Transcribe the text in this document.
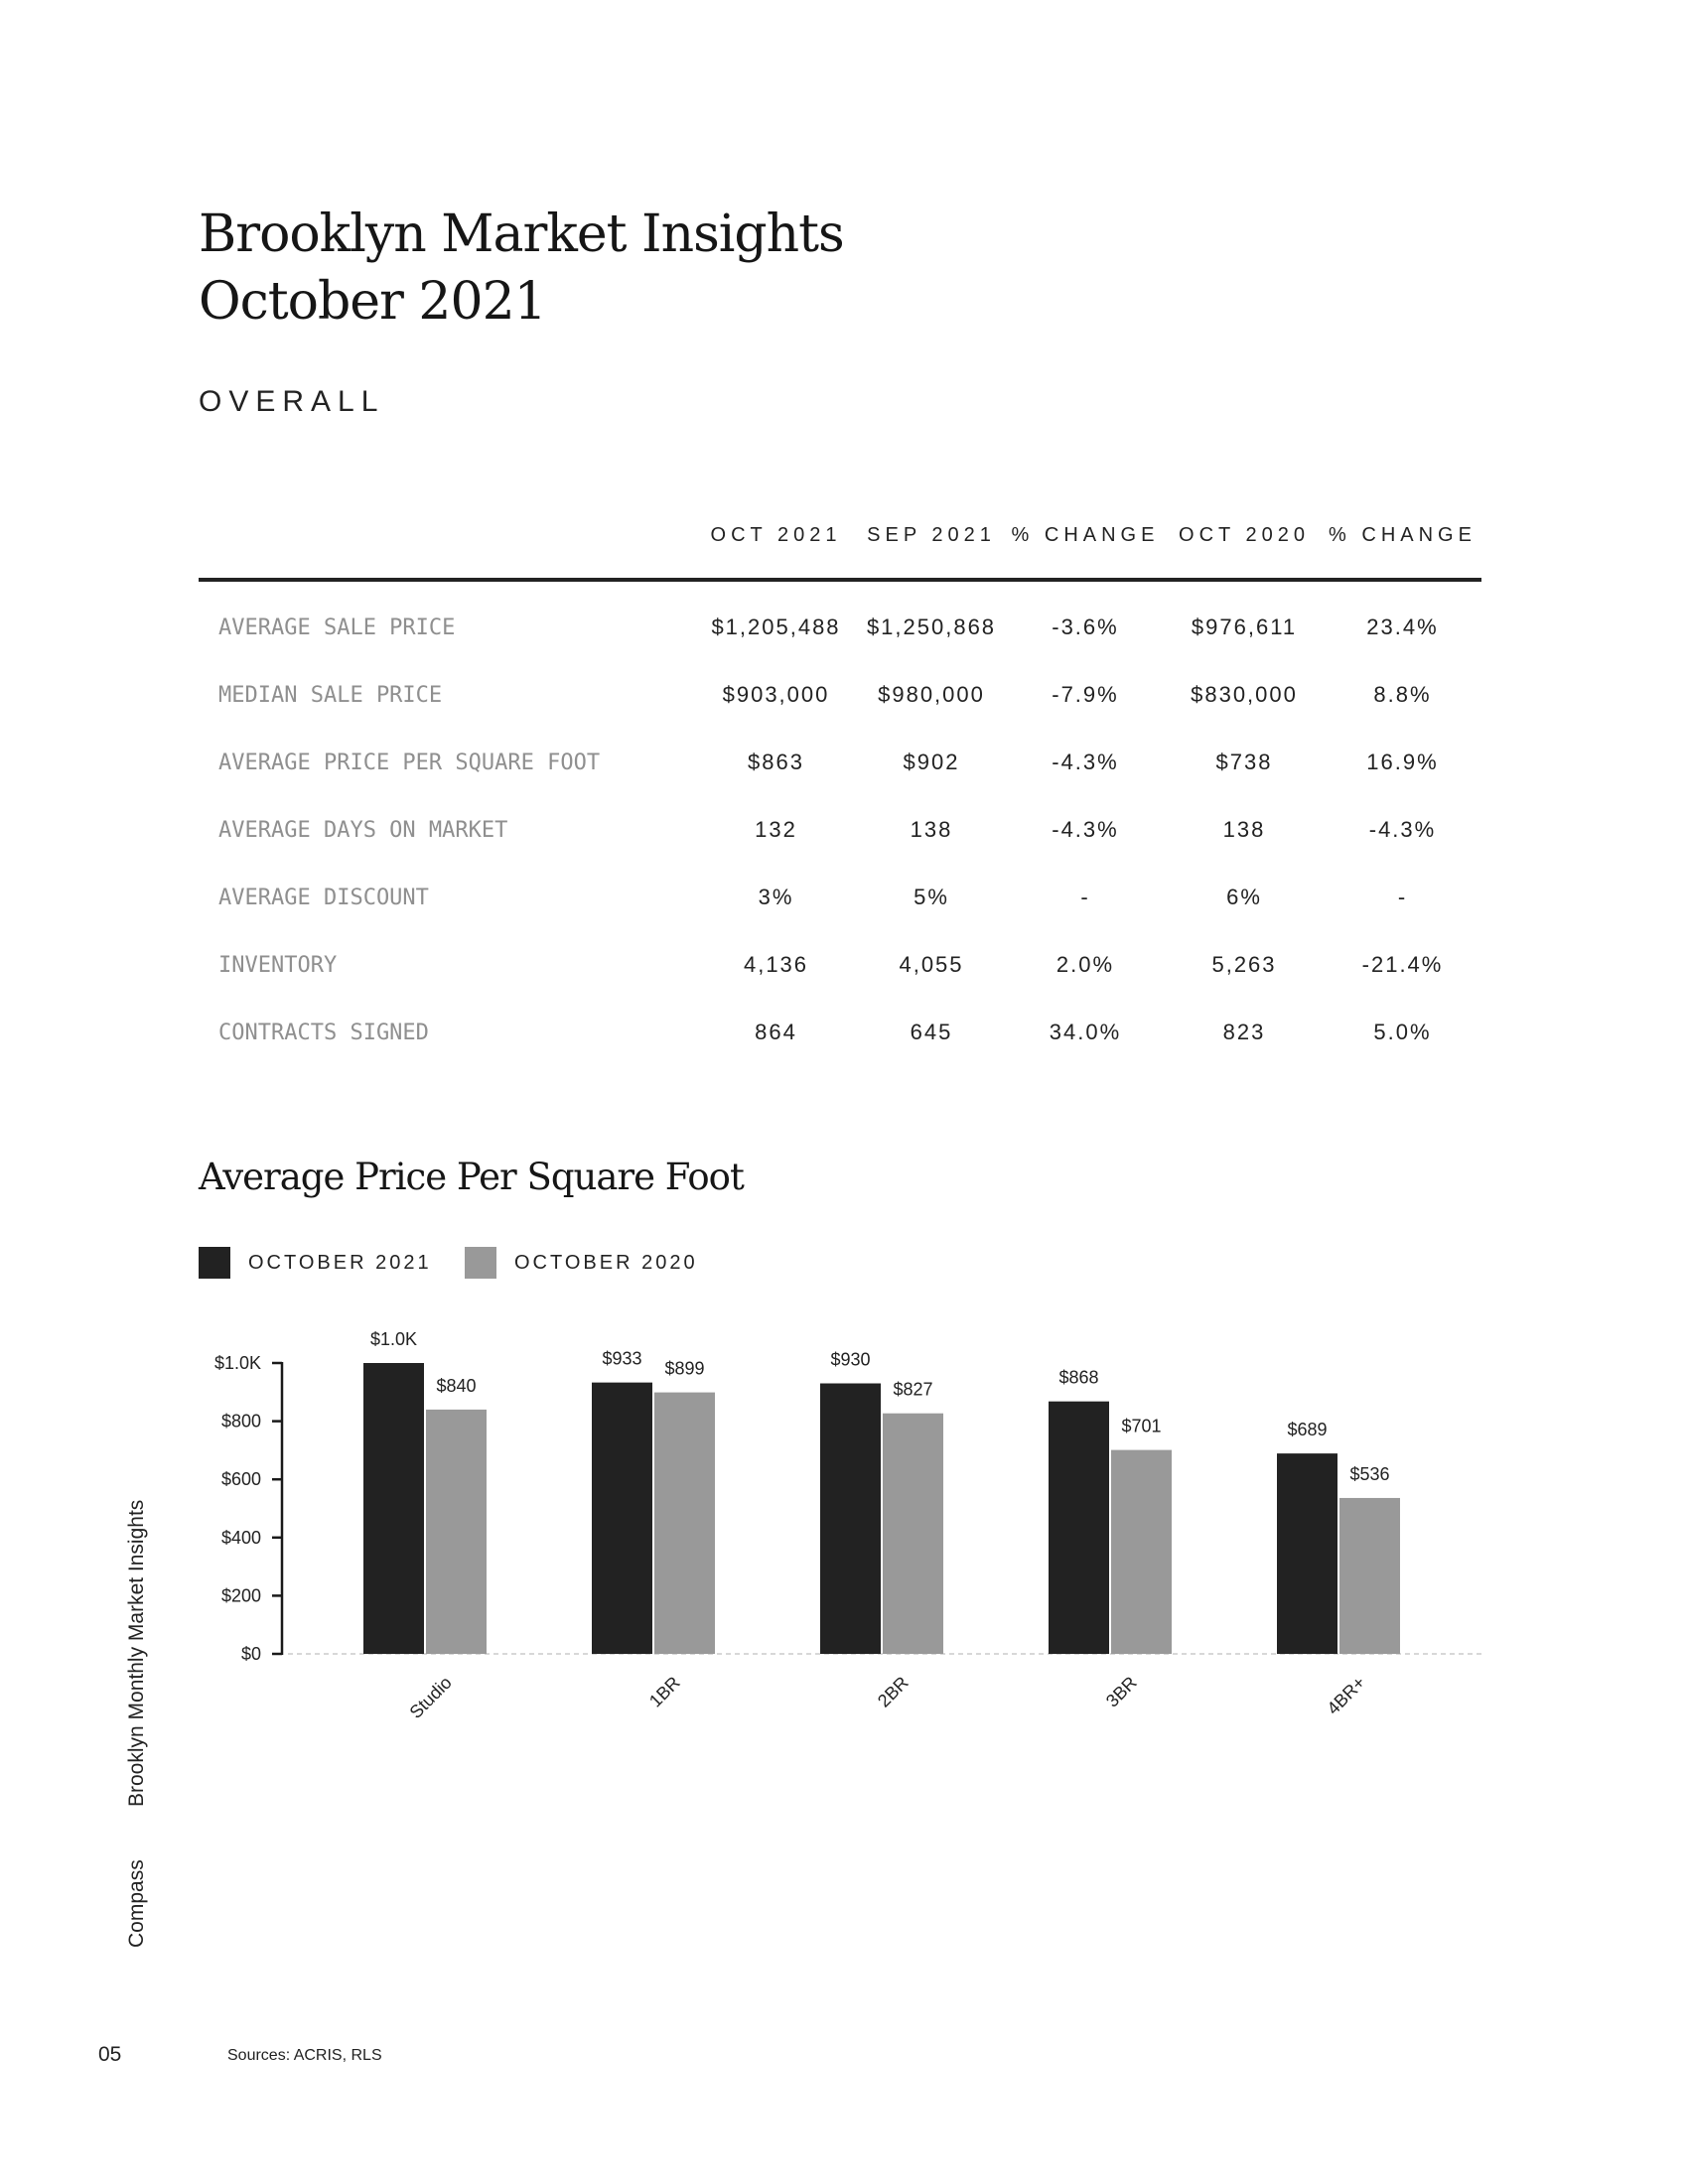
Brooklyn Market Insights
October 2021
OVERALL
	OCT 2021	SEP 2021	% CHANGE	OCT 2020	% CHANGE
AVERAGE SALE PRICE	$1,205,488	$1,250,868	-3.6%	$976,611	23.4%
MEDIAN SALE PRICE	$903,000	$980,000	-7.9%	$830,000	8.8%
AVERAGE PRICE PER SQUARE FOOT	$863	$902	-4.3%	$738	16.9%
AVERAGE DAYS ON MARKET	132	138	-4.3%	138	-4.3%
AVERAGE DISCOUNT	3%	5%	-	6%	-
INVENTORY	4,136	4,055	2.0%	5,263	-21.4%
CONTRACTS SIGNED	864	645	34.0%	823	5.0%
Average Price Per Square Foot
OCTOBER 2021	OCTOBER 2020
$0
$200
$400
$600
$800
$1.0K
$1.0K
$840
Studio
$933 $899
1BR
$930
$827
2BR
$868
$701
3BR
$689
$536
4BR+
Compass
Brooklyn Monthly Market Insights
05	Sources: ACRIS, RLS
